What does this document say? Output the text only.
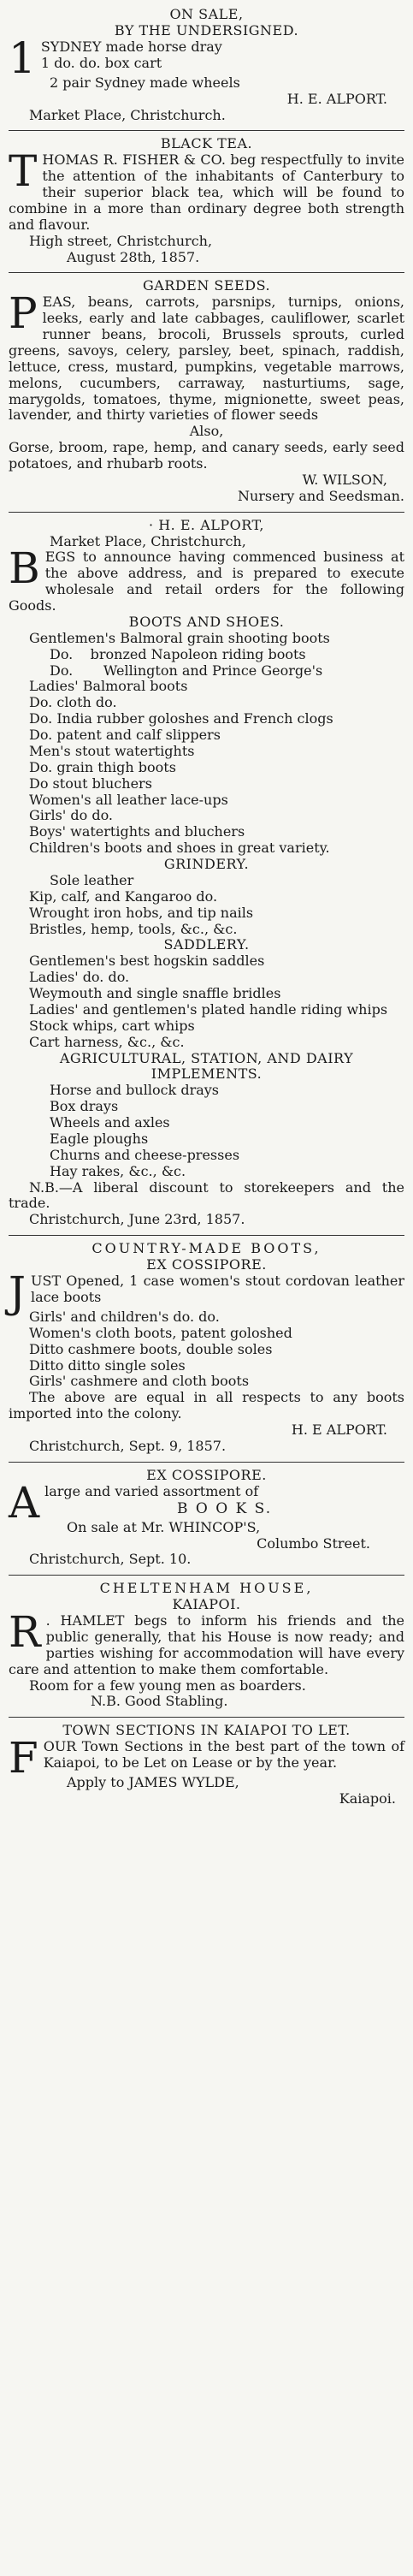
ON SALE,
BY THE UNDERSIGNED.
1 SYDNEY made horse dray
1 do. do. box cart
2 pair Sydney made wheels
H. E. ALPORT.
Market Place, Christchurch.
BLACK TEA.
T HOMAS R. FISHER & CO. beg respectfully to invite the attention of the inhabitants of Canterbury to their superior black tea, which will be found to combine in a more than ordinary degree both strength and flavour.
High street, Christchurch,
August 28th, 1857.
GARDEN SEEDS.
P EAS, beans, carrots, parsnips, turnips, onions, leeks, early and late cabbages, cauliflower, scarlet runner beans, brocoli, Brussels sprouts, curled greens, savoys, celery, parsley, beet, spinach, raddish, lettuce, cress, mustard, pumpkins, vegetable marrows, melons, cucumbers, carraway, nasturtiums, sage, marygolds, tomatoes, thyme, mignionette, sweet peas, lavender, and thirty varieties of flower seeds
Also,
Gorse, broom, rape, hemp, and canary seeds, early seed potatoes, and rhubarb roots.
W. WILSON,
Nursery and Seedsman.
· H. E. ALPORT,
Market Place, Christchurch,
B EGS to announce having commenced business at the above address, and is prepared to execute wholesale and retail orders for the following Goods.
BOOTS AND SHOES.
Gentlemen's Balmoral grain shooting boots
Do. bronzed Napoleon riding boots
Do. Wellington and Prince George's
Ladies' Balmoral boots
Do. cloth do.
Do. India rubber goloshes and French clogs
Do. patent and calf slippers
Men's stout watertights
Do. grain thigh boots
Do stout bluchers
Women's all leather lace-ups
Girls' do do.
Boys' watertights and bluchers
Children's boots and shoes in great variety.
GRINDERY.
Sole leather
Kip, calf, and Kangaroo do.
Wrought iron hobs, and tip nails
Bristles, hemp, tools, &c., &c.
SADDLERY.
Gentlemen's best hogskin saddles
Ladies' do. do.
Weymouth and single snaffle bridles
Ladies' and gentlemen's plated handle riding whips
Stock whips, cart whips
Cart harness, &c., &c.
AGRICULTURAL, STATION, AND DAIRY
IMPLEMENTS.
Horse and bullock drays
Box drays
Wheels and axles
Eagle ploughs
Churns and cheese-presses
Hay rakes, &c., &c.
N.B.—A liberal discount to storekeepers and the trade.
Christchurch, June 23rd, 1857.
COUNTRY-MADE BOOTS,
EX COSSIPORE.
J UST Opened, 1 case women's stout cordovan leather lace boots
Girls' and children's do. do.
Women's cloth boots, patent goloshed
Ditto cashmere boots, double soles
Ditto ditto single soles
Girls' cashmere and cloth boots
The above are equal in all respects to any boots imported into the colony.
H. E ALPORT.
Christchurch, Sept. 9, 1857.
EX COSSIPORE.
A large and varied assortment of
B O O K S.
On sale at Mr. WHINCOP'S,
Columbo Street.
Christchurch, Sept. 10.
CHELTENHAM HOUSE,
KAIAPOI.
R . HAMLET begs to inform his friends and the public generally, that his House is now ready; and parties wishing for accommodation will have every care and attention to make them comfortable.
Room for a few young men as boarders.
N.B. Good Stabling.
TOWN SECTIONS IN KAIAPOI TO LET.
F OUR Town Sections in the best part of the town of Kaiapoi, to be Let on Lease or by the year.
Apply to JAMES WYLDE,
Kaiapoi.
